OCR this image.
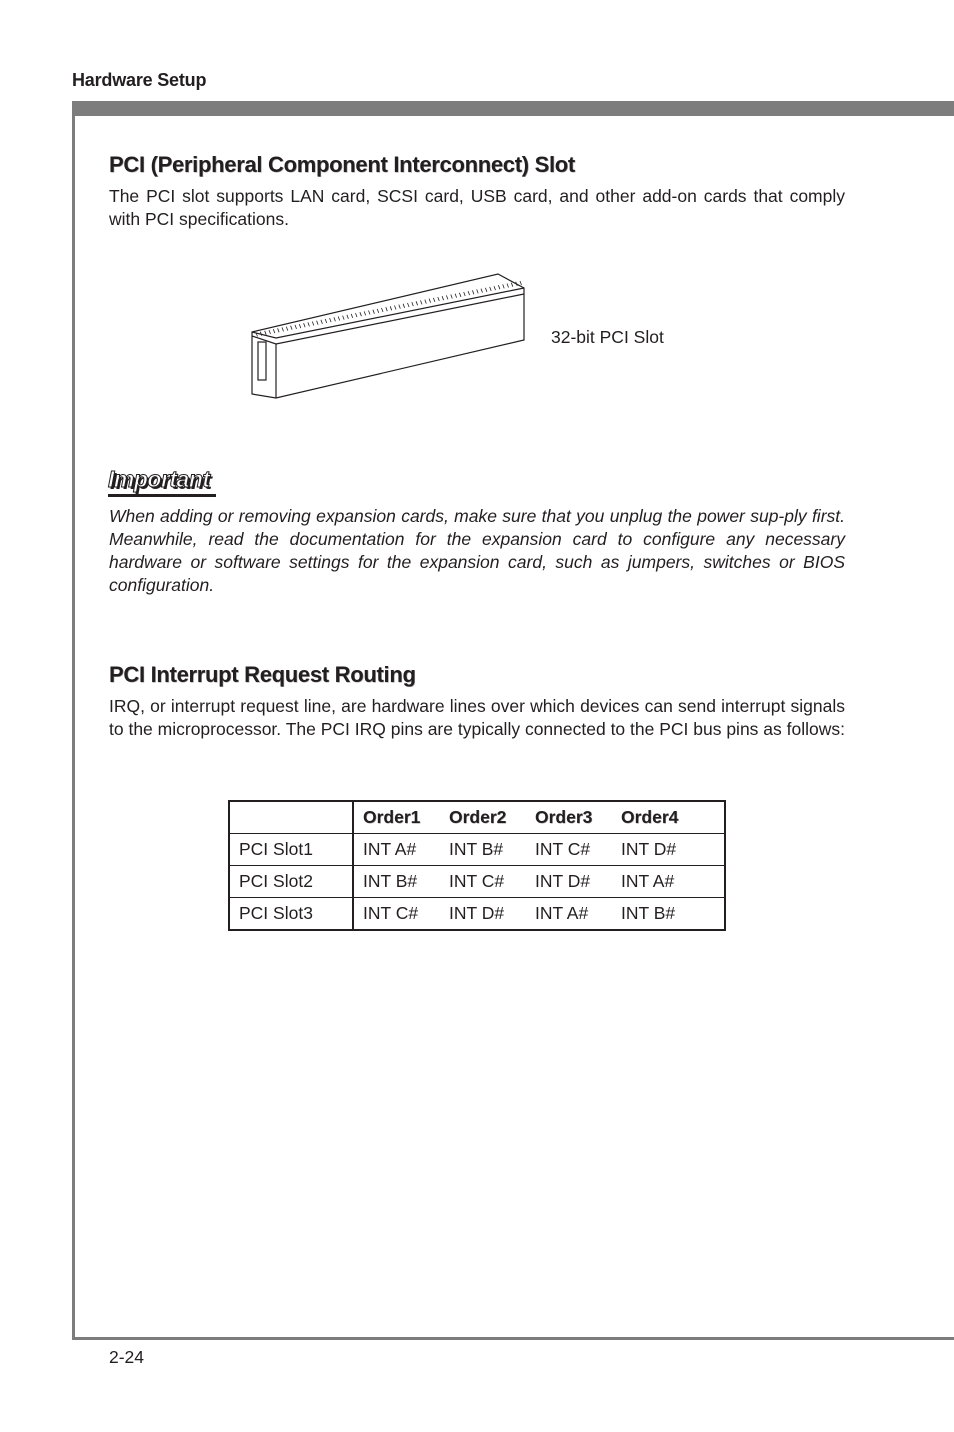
Hardware Setup
PCI (Peripheral Component Interconnect) Slot

The PCI slot supports LAN card, SCSI card, USB card, and other add-on cards that comply with PCI specifications.

32-bit PCI Slot
Important

When adding or removing expansion cards, make sure that you unplug the power sup-ply first. Meanwhile, read the documentation for the expansion card to configure any necessary hardware or software settings for the expansion card, such as jumpers, switches or BIOS configuration.

PCI Interrupt Request Routing

IRQ, or interrupt request line, are hardware lines over which devices can send interrupt signals to the microprocessor. The PCI IRQ pins are typically connected to the PCI bus pins as follows:

	Order1	Order2	Order3	Order4
PCI Slot1	INT A#	INT B#	INT C#	INT D#
PCI Slot2	INT B#	INT C#	INT D#	INT A#
PCI Slot3	INT C#	INT D#	INT A#	INT B#
2-24
